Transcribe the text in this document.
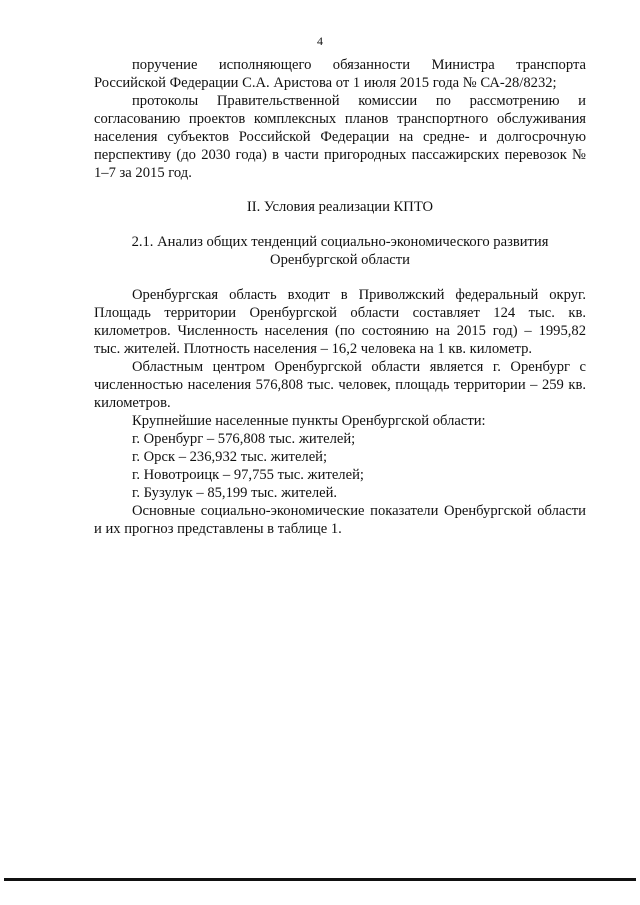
4

поручение исполняющего обязанности Министра транспорта Российской Федерации С.А. Аристова от 1 июля 2015 года № СА-28/8232;

протоколы Правительственной комиссии по рассмотрению и согласованию проектов комплексных планов транспортного обслуживания населения субъектов Российской Федерации на средне- и долгосрочную перспективу (до 2030 года) в части пригородных пассажирских перевозок № 1–7 за 2015 год.

II. Условия реализации КПТО

2.1. Анализ общих тенденций социально-экономического развития Оренбургской области

Оренбургская область входит в Приволжский федеральный округ. Площадь территории Оренбургской области составляет 124 тыс. кв. километров. Численность населения (по состоянию на 2015 год) – 1995,82 тыс. жителей. Плотность населения – 16,2 человека на 1 кв. километр.

Областным центром Оренбургской области является г. Оренбург с численностью населения 576,808 тыс. человек, площадь территории – 259 кв. километров.

Крупнейшие населенные пункты Оренбургской области:

г. Оренбург – 576,808 тыс. жителей;

г. Орск – 236,932 тыс. жителей;

г. Новотроицк – 97,755 тыс. жителей;

г. Бузулук – 85,199 тыс. жителей.

Основные социально-экономические показатели Оренбургской области и их прогноз представлены в таблице 1.
